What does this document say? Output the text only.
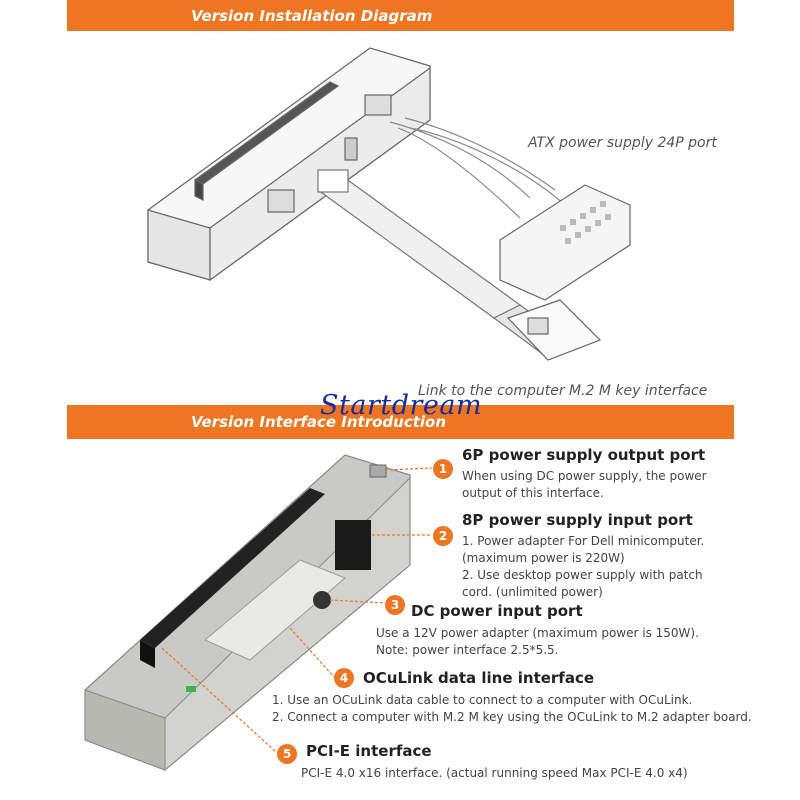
Version Installation Diagram
ATX power supply 24P port
Link to the computer M.2 M key interface
Version Interface Introduction
Startdream
1
6P power supply output port
When using DC power supply, the power
output of this interface.
2
8P power supply input port
1. Power adapter For Dell minicomputer.
(maximum power is 220W)
2. Use desktop power supply with patch
cord. (unlimited power)
3 DC power input port
Use a 12V power adapter (maximum power is 150W).
Note: power interface 2.5*5.5.
4 OCuLink data line interface
1. Use an OCuLink data cable to connect to a computer with OCuLink.
2. Connect a computer with M.2 M key using the OCuLink to M.2 adapter board.
5 PCI-E interface
PCI-E 4.0 x16 interface. (actual running speed Max PCI-E 4.0 x4)
